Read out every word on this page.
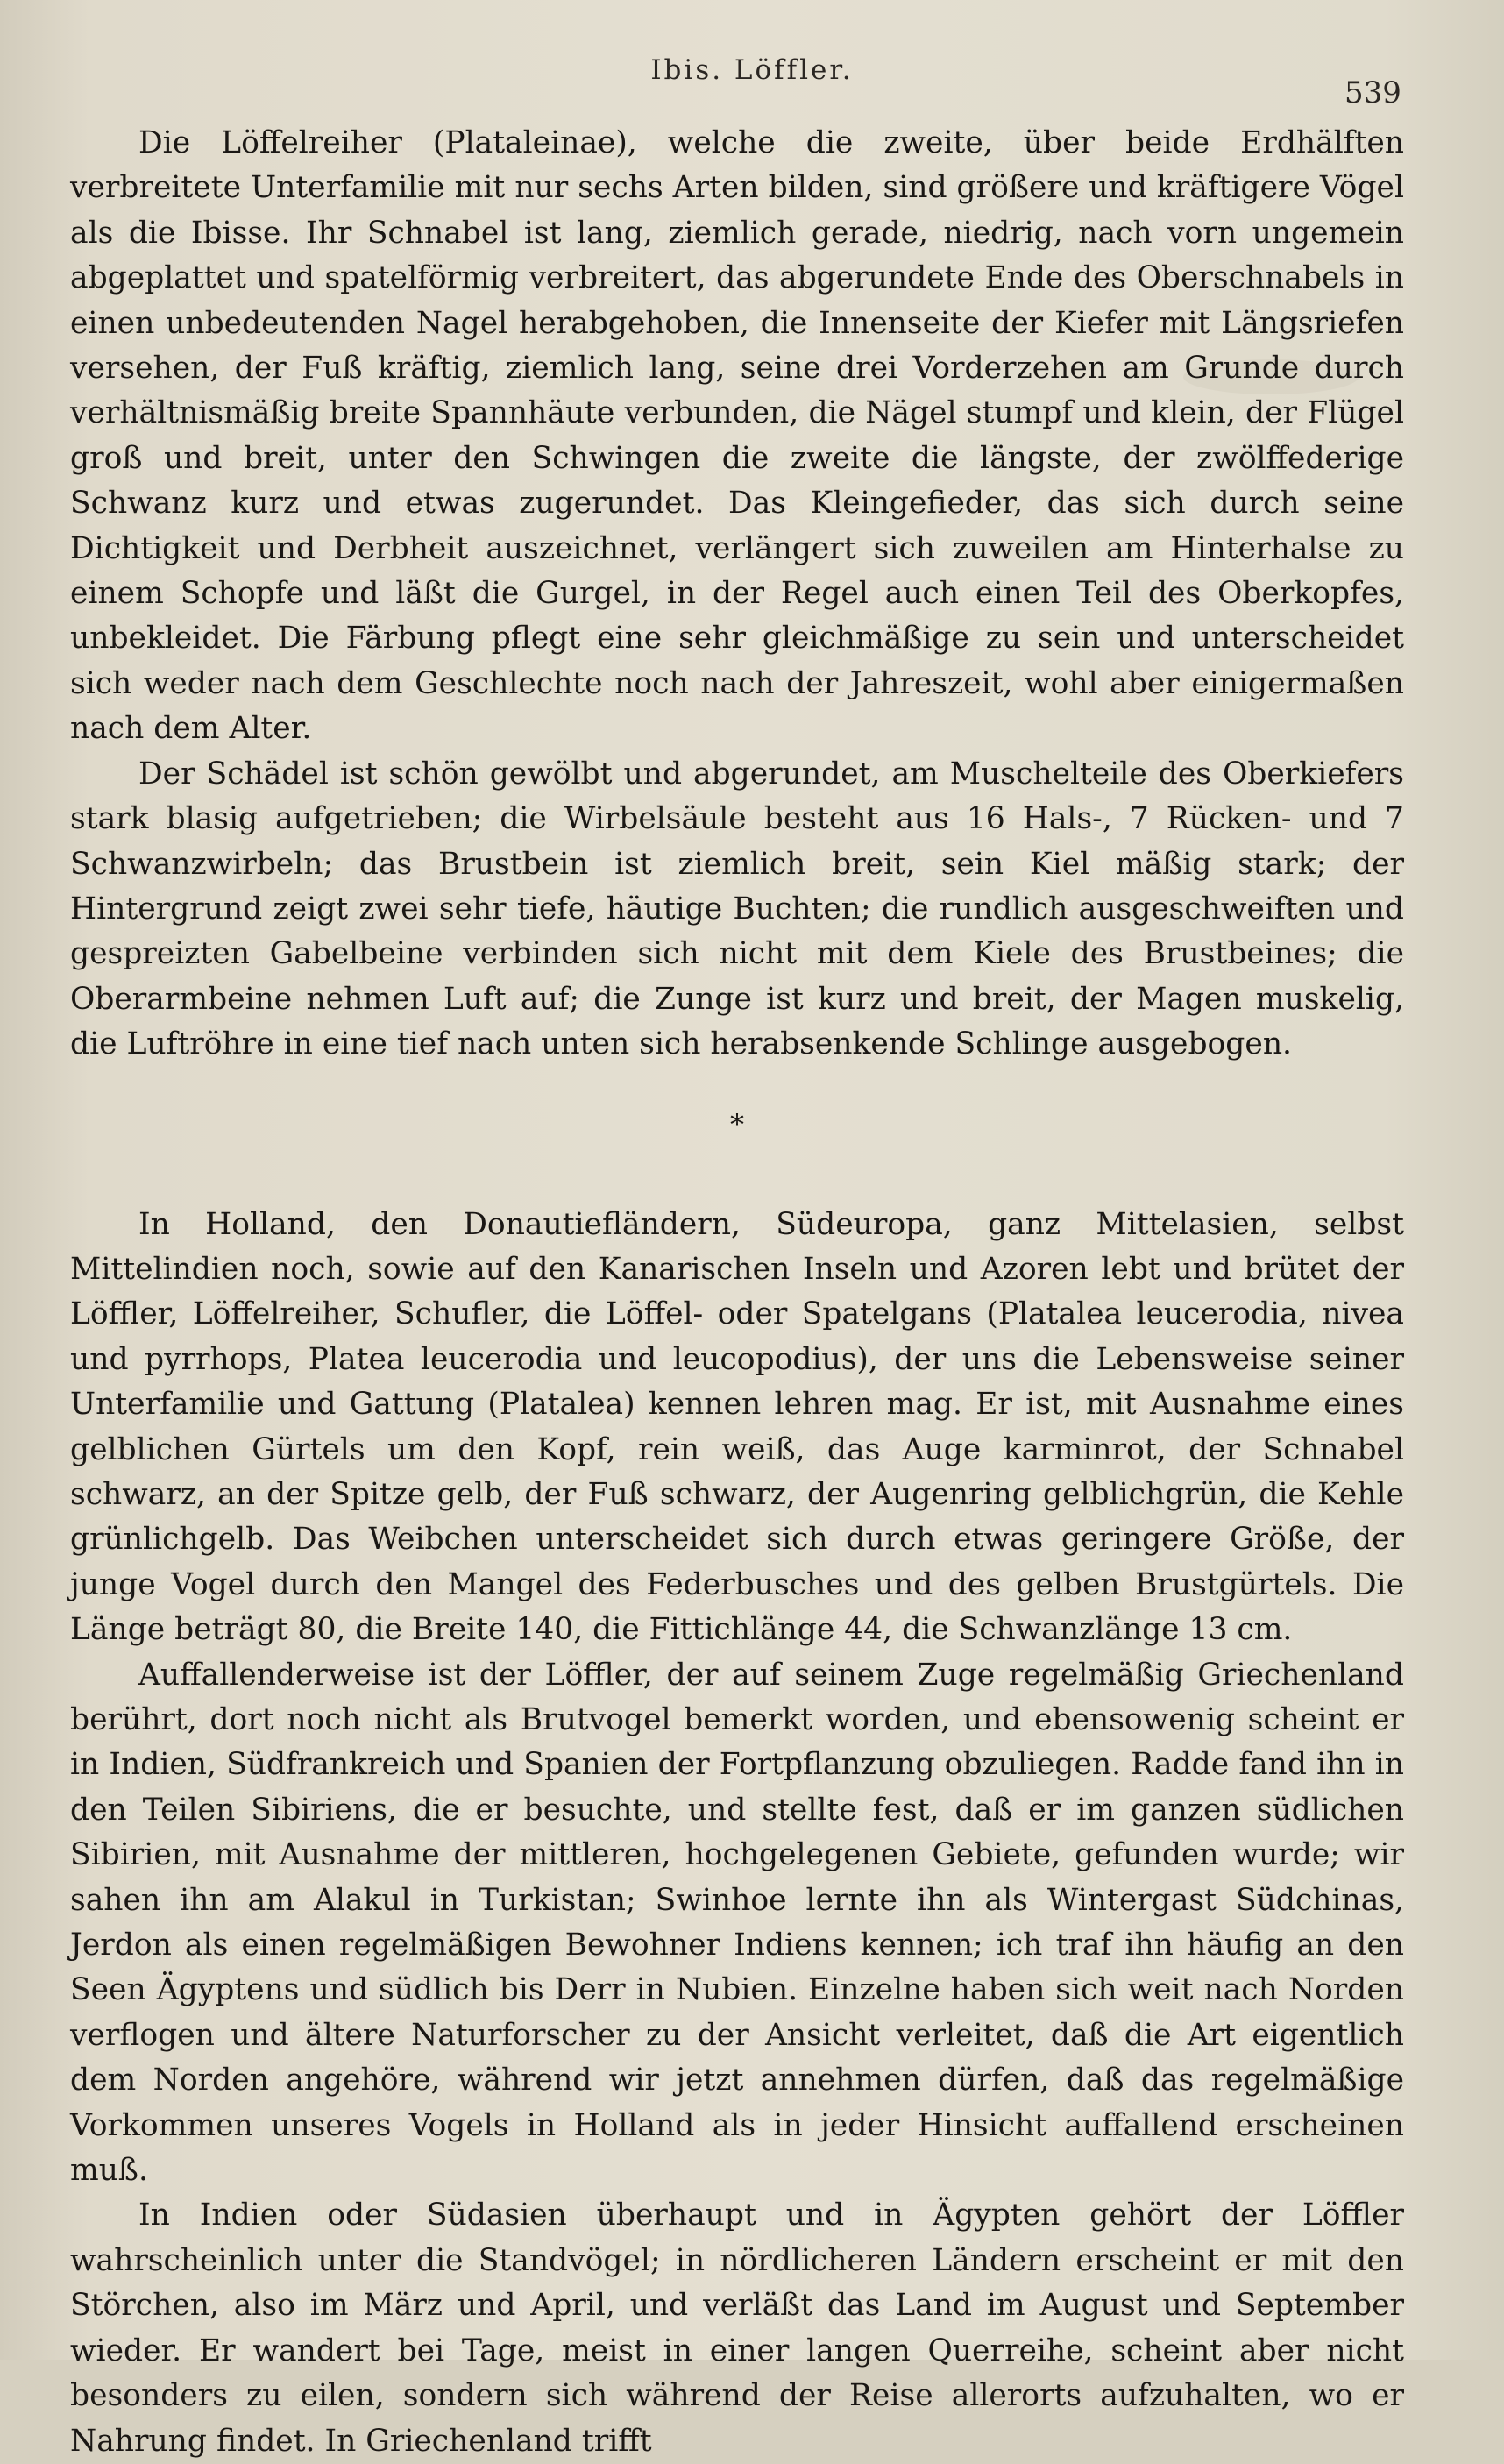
Ibis. Löffler.
539

Die Löffelreiher (Plataleinae), welche die zweite, über beide Erdhälften verbreitete Unterfamilie mit nur sechs Arten bilden, sind größere und kräftigere Vögel als die Ibisse. Ihr Schnabel ist lang, ziemlich gerade, niedrig, nach vorn ungemein abgeplattet und spatelförmig verbreitert, das abgerundete Ende des Oberschnabels in einen unbedeutenden Nagel herabgehoben, die Innenseite der Kiefer mit Längsriefen versehen, der Fuß kräftig, ziemlich lang, seine drei Vorderzehen am Grunde durch verhältnismäßig breite Spannhäute verbunden, die Nägel stumpf und klein, der Flügel groß und breit, unter den Schwingen die zweite die längste, der zwölffederige Schwanz kurz und etwas zugerundet. Das Kleingefieder, das sich durch seine Dichtigkeit und Derbheit auszeichnet, verlängert sich zuweilen am Hinterhalse zu einem Schopfe und läßt die Gurgel, in der Regel auch einen Teil des Oberkopfes, unbekleidet. Die Färbung pflegt eine sehr gleichmäßige zu sein und unterscheidet sich weder nach dem Geschlechte noch nach der Jahreszeit, wohl aber einigermaßen nach dem Alter.

Der Schädel ist schön gewölbt und abgerundet, am Muschelteile des Oberkiefers stark blasig aufgetrieben; die Wirbelsäule besteht aus 16 Hals-, 7 Rücken- und 7 Schwanzwirbeln; das Brustbein ist ziemlich breit, sein Kiel mäßig stark; der Hintergrund zeigt zwei sehr tiefe, häutige Buchten; die rundlich ausgeschweiften und gespreizten Gabelbeine verbinden sich nicht mit dem Kiele des Brustbeines; die Oberarmbeine nehmen Luft auf; die Zunge ist kurz und breit, der Magen muskelig, die Luftröhre in eine tief nach unten sich herabsenkende Schlinge ausgebogen.

*

In Holland, den Donautiefländern, Südeuropa, ganz Mittelasien, selbst Mittelindien noch, sowie auf den Kanarischen Inseln und Azoren lebt und brütet der Löffler, Löffelreiher, Schufler, die Löffel- oder Spatelgans (Platalea leucerodia, nivea und pyrrhops, Platea leucerodia und leucopodius), der uns die Lebensweise seiner Unterfamilie und Gattung (Platalea) kennen lehren mag. Er ist, mit Ausnahme eines gelblichen Gürtels um den Kopf, rein weiß, das Auge karminrot, der Schnabel schwarz, an der Spitze gelb, der Fuß schwarz, der Augenring gelblichgrün, die Kehle grünlichgelb. Das Weibchen unterscheidet sich durch etwas geringere Größe, der junge Vogel durch den Mangel des Federbusches und des gelben Brustgürtels. Die Länge beträgt 80, die Breite 140, die Fittichlänge 44, die Schwanzlänge 13 cm.

Auffallenderweise ist der Löffler, der auf seinem Zuge regelmäßig Griechenland berührt, dort noch nicht als Brutvogel bemerkt worden, und ebensowenig scheint er in Indien, Südfrankreich und Spanien der Fortpflanzung obzuliegen. Radde fand ihn in den Teilen Sibiriens, die er besuchte, und stellte fest, daß er im ganzen südlichen Sibirien, mit Ausnahme der mittleren, hochgelegenen Gebiete, gefunden wurde; wir sahen ihn am Alakul in Turkistan; Swinhoe lernte ihn als Wintergast Südchinas, Jerdon als einen regelmäßigen Bewohner Indiens kennen; ich traf ihn häufig an den Seen Ägyptens und südlich bis Derr in Nubien. Einzelne haben sich weit nach Norden verflogen und ältere Naturforscher zu der Ansicht verleitet, daß die Art eigentlich dem Norden angehöre, während wir jetzt annehmen dürfen, daß das regelmäßige Vorkommen unseres Vogels in Holland als in jeder Hinsicht auffallend erscheinen muß.

In Indien oder Südasien überhaupt und in Ägypten gehört der Löffler wahrscheinlich unter die Standvögel; in nördlicheren Ländern erscheint er mit den Störchen, also im März und April, und verläßt das Land im August und September wieder. Er wandert bei Tage, meist in einer langen Querreihe, scheint aber nicht besonders zu eilen, sondern sich während der Reise allerorts aufzuhalten, wo er Nahrung findet. In Griechenland trifft
